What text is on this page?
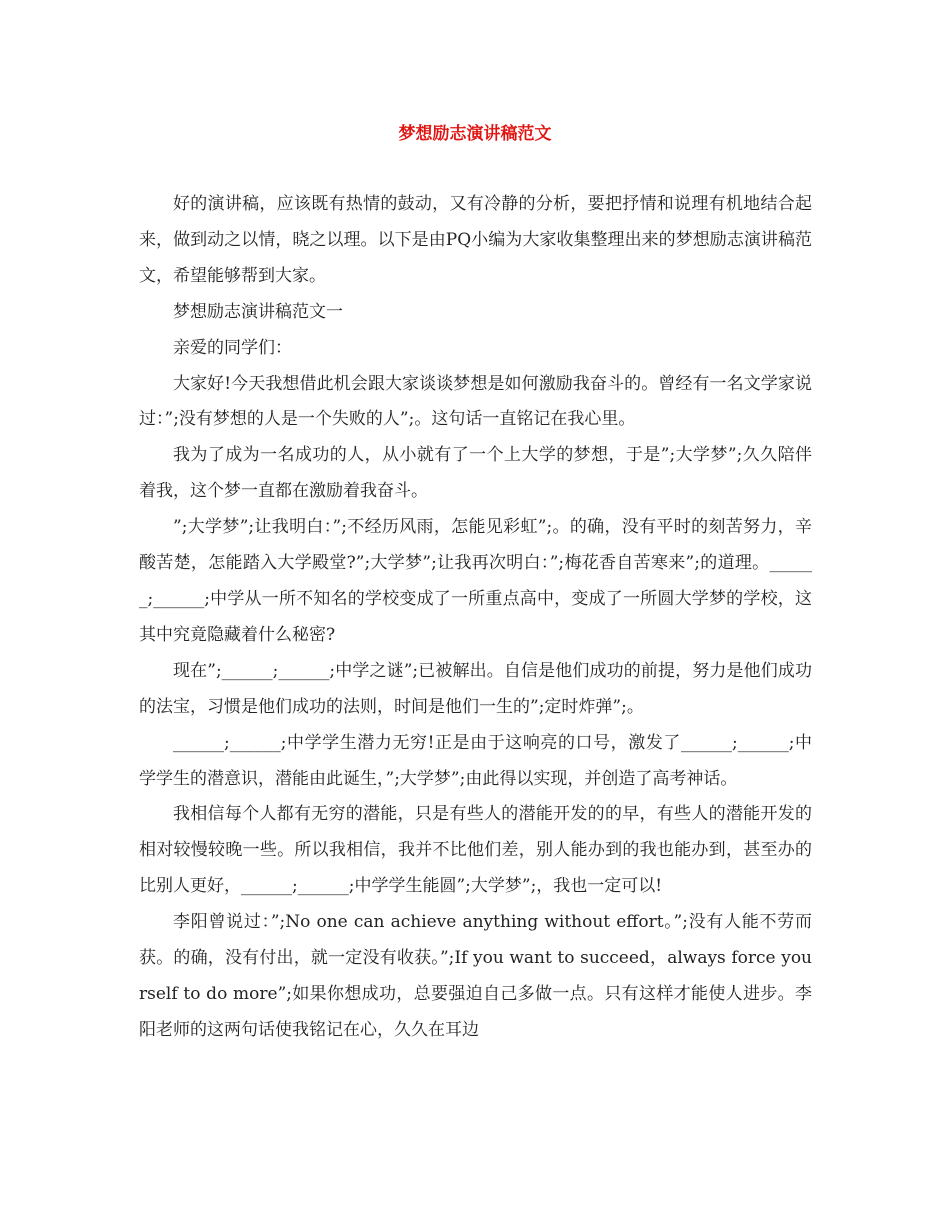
梦想励志演讲稿范文

好的演讲稿，应该既有热情的鼓动，又有冷静的分析，要把抒情和说理有机地结合起来，做到动之以情，晓之以理。以下是由PQ小编为大家收集整理出来的梦想励志演讲稿范文，希望能够帮到大家。

梦想励志演讲稿范文一

亲爱的同学们：

大家好!今天我想借此机会跟大家谈谈梦想是如何激励我奋斗的。曾经有一名文学家说过：”;没有梦想的人是一个失败的人”;。这句话一直铭记在我心里。

我为了成为一名成功的人，从小就有了一个上大学的梦想，于是”;大学梦”;久久陪伴着我，这个梦一直都在激励着我奋斗。

”;大学梦”;让我明白：”;不经历风雨，怎能见彩虹”;。的确，没有平时的刻苦努力，辛酸苦楚，怎能踏入大学殿堂?”;大学梦”;让我再次明白：”;梅花香自苦寒来”;的道理。______;______;中学从一所不知名的学校变成了一所重点高中，变成了一所圆大学梦的学校，这其中究竟隐藏着什么秘密?

现在”;______;______;中学之谜”;已被解出。自信是他们成功的前提，努力是他们成功的法宝，习惯是他们成功的法则，时间是他们一生的”;定时炸弹”;。

______;______;中学学生潜力无穷!正是由于这响亮的口号，激发了______;______;中学学生的潜意识，潜能由此诞生，”;大学梦”;由此得以实现，并创造了高考神话。

我相信每个人都有无穷的潜能，只是有些人的潜能开发的的早，有些人的潜能开发的相对较慢较晚一些。所以我相信，我并不比他们差，别人能办到的我也能办到，甚至办的比别人更好，______;______;中学学生能圆”;大学梦”;，我也一定可以!

李阳曾说过：”;No one can achieve anything without effort。”;没有人能不劳而获。的确，没有付出，就一定没有收获。”;If you want to succeed，always force yourself to do more”;如果你想成功，总要强迫自己多做一点。只有这样才能使人进步。李阳老师的这两句话使我铭记在心，久久在耳边
